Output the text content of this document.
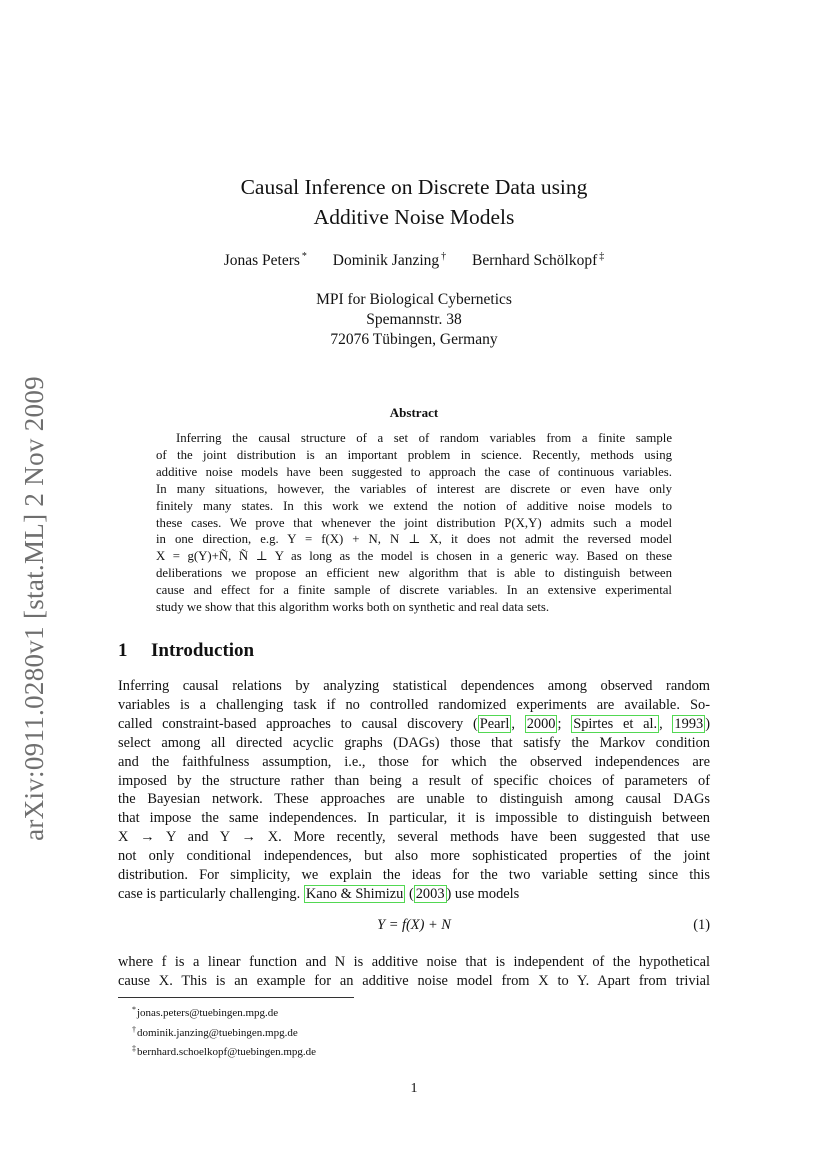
arXiv:0911.0280v1 [stat.ML] 2 Nov 2009
Causal Inference on Discrete Data using
Additive Noise Models
Jonas Peters * Dominik Janzing † Bernhard Schölkopf ‡
MPI for Biological Cybernetics
Spemannstr. 38
72076 Tübingen, Germany
Abstract
Inferring the causal structure of a set of random variables from a finite sample
of the joint distribution is an important problem in science. Recently, methods using
additive noise models have been suggested to approach the case of continuous variables.
In many situations, however, the variables of interest are discrete or even have only
finitely many states. In this work we extend the notion of additive noise models to
these cases. We prove that whenever the joint distribution P(X,Y) admits such a model
in one direction, e.g. Y = f(X) + N, N ⊥ X, it does not admit the reversed model
X = g(Y)+Ñ, Ñ ⊥ Y as long as the model is chosen in a generic way. Based on these
deliberations we propose an efficient new algorithm that is able to distinguish between
cause and effect for a finite sample of discrete variables. In an extensive experimental
study we show that this algorithm works both on synthetic and real data sets.
1 Introduction
Inferring causal relations by analyzing statistical dependences among observed random
variables is a challenging task if no controlled randomized experiments are available. So-
called constraint-based approaches to causal discovery ( Pearl , 2000 ; Spirtes et al. , 1993 )
select among all directed acyclic graphs (DAGs) those that satisfy the Markov condition
and the faithfulness assumption, i.e., those for which the observed independences are
imposed by the structure rather than being a result of specific choices of parameters of
the Bayesian network. These approaches are unable to distinguish among causal DAGs
that impose the same independences. In particular, it is impossible to distinguish between
X → Y and Y → X. More recently, several methods have been suggested that use
not only conditional independences, but also more sophisticated properties of the joint
distribution. For simplicity, we explain the ideas for the two variable setting since this
case is particularly challenging. Kano & Shimizu ( 2003 ) use models
Y = f(X) + N	(1)
where f is a linear function and N is additive noise that is independent of the hypothetical
cause X. This is an example for an additive noise model from X to Y. Apart from trivial
*jonas.peters@tuebingen.mpg.de
†dominik.janzing@tuebingen.mpg.de
‡bernhard.schoelkopf@tuebingen.mpg.de
1
